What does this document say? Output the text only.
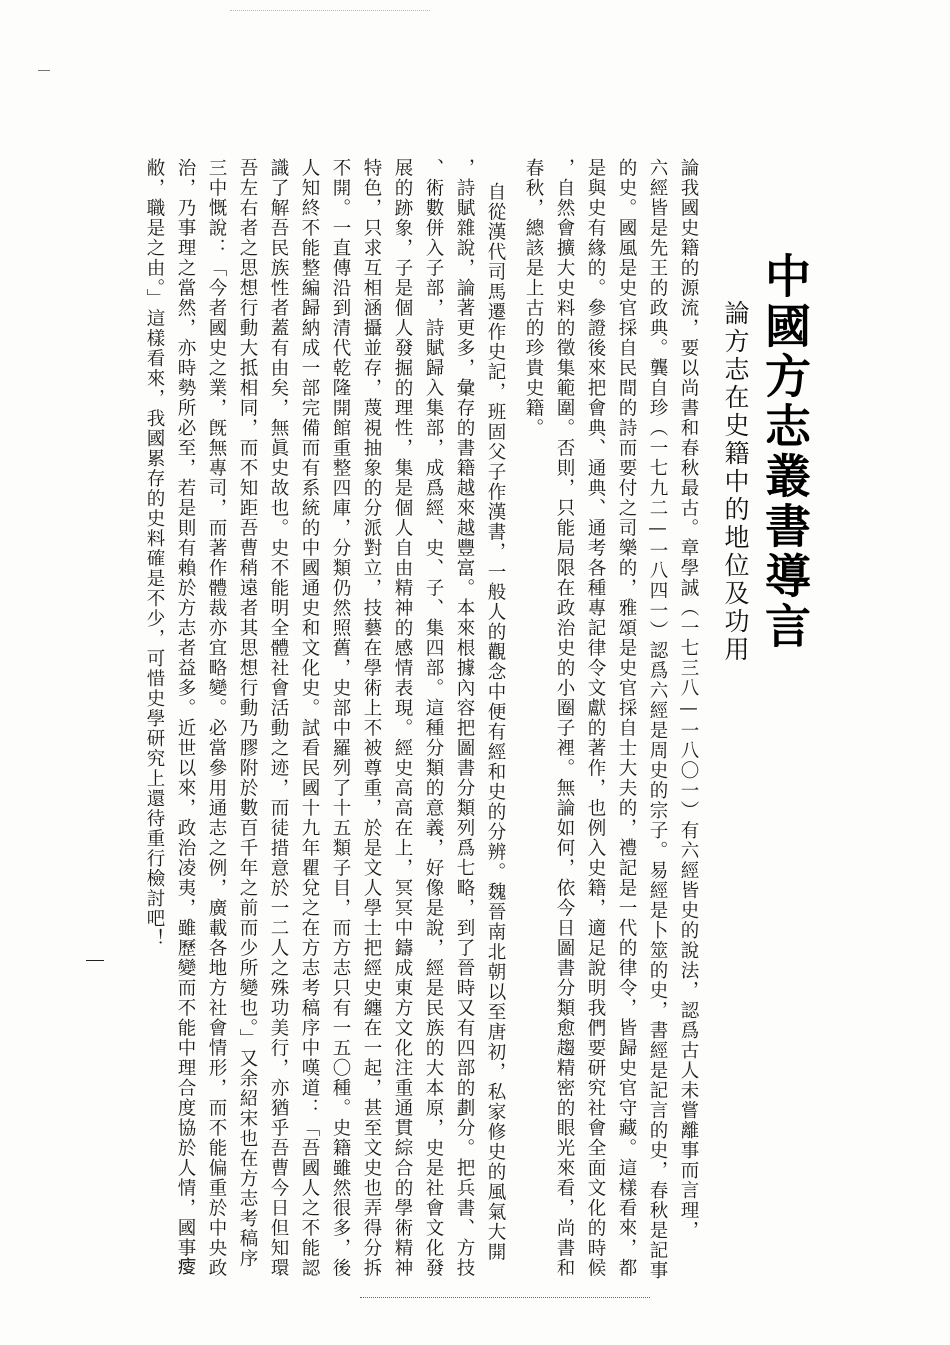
中國方志叢書導言
論方志在史籍中的地位及功用
論我國史籍的源流，要以尚書和春秋最古。章學誠（一七三八—一八〇一）有六經皆史的說法，認爲古人未嘗離事而言理，
六經皆是先王的政典。龔自珍（一七九二—一八四一）認爲六經是周史的宗子。易經是卜筮的史，書經是記言的史，春秋是記事
的史。國風是史官採自民間的詩而要付之司樂的，雅頌是史官採自士大夫的，禮記是一代的律令，皆歸史官守藏。這樣看來，都
是與史有緣的。參證後來把會典、通典、通考各種專記律令文獻的著作，也例入史籍，適足說明我們要研究社會全面文化的時候
，自然會擴大史料的徵集範圍。否則，只能局限在政治史的小圈子裡。無論如何，依今日圖書分類愈趨精密的眼光來看，尚書和
春秋，總該是上古的珍貴史籍。
自從漢代司馬遷作史記，班固父子作漢書，一般人的觀念中便有經和史的分辨。魏晉南北朝以至唐初，私家修史的風氣大開
，詩賦雜說，論著更多，彙存的書籍越來越豐富。本來根據內容把圖書分類列爲七略，到了晉時又有四部的劃分。把兵書、方技
、術數併入子部，詩賦歸入集部，成爲經、史、子、集四部。這種分類的意義，好像是說，經是民族的大本原，史是社會文化發
展的跡象，子是個人發掘的理性，集是個人自由精神的感情表現。經史高高在上，冥冥中鑄成東方文化注重通貫綜合的學術精神
特色，只求互相涵攝並存，蔑視抽象的分派對立，技藝在學術上不被尊重，於是文人學士把經史纏在一起，甚至文史也弄得分拆
不開。一直傳沿到清代乾隆開館重整四庫，分類仍然照舊，史部中羅列了十五類子目，而方志只有一五〇種。史籍雖然很多，後
人知終不能整編歸納成一部完備而有系統的中國通史和文化史。試看民國十九年瞿兌之在方志考稿序中嘆道：「吾國人之不能認
識了解吾民族性者蓋有由矣，無眞史故也。史不能明全體社會活動之迹，而徒措意於一二人之殊功美行，亦猶乎吾曹今日但知環
吾左右者之思想行動大抵相同，而不知距吾曹稍遠者其思想行動乃膠附於數百千年之前而少所變也。」又余紹宋也在方志考稿序
三中慨說：「今者國史之業，旣無專司，而著作體裁亦宜略變。必當參用通志之例，廣載各地方社會情形，而不能偏重於中央政
治，乃事理之當然，亦時勢所必至，若是則有賴於方志者益多。近世以來，政治凌夷，雖歷變而不能中理合度協於人情，國事𤸃
敝，職是之由。」這樣看來，我國累存的史料確是不少，可惜史學研究上還待重行檢討吧！
